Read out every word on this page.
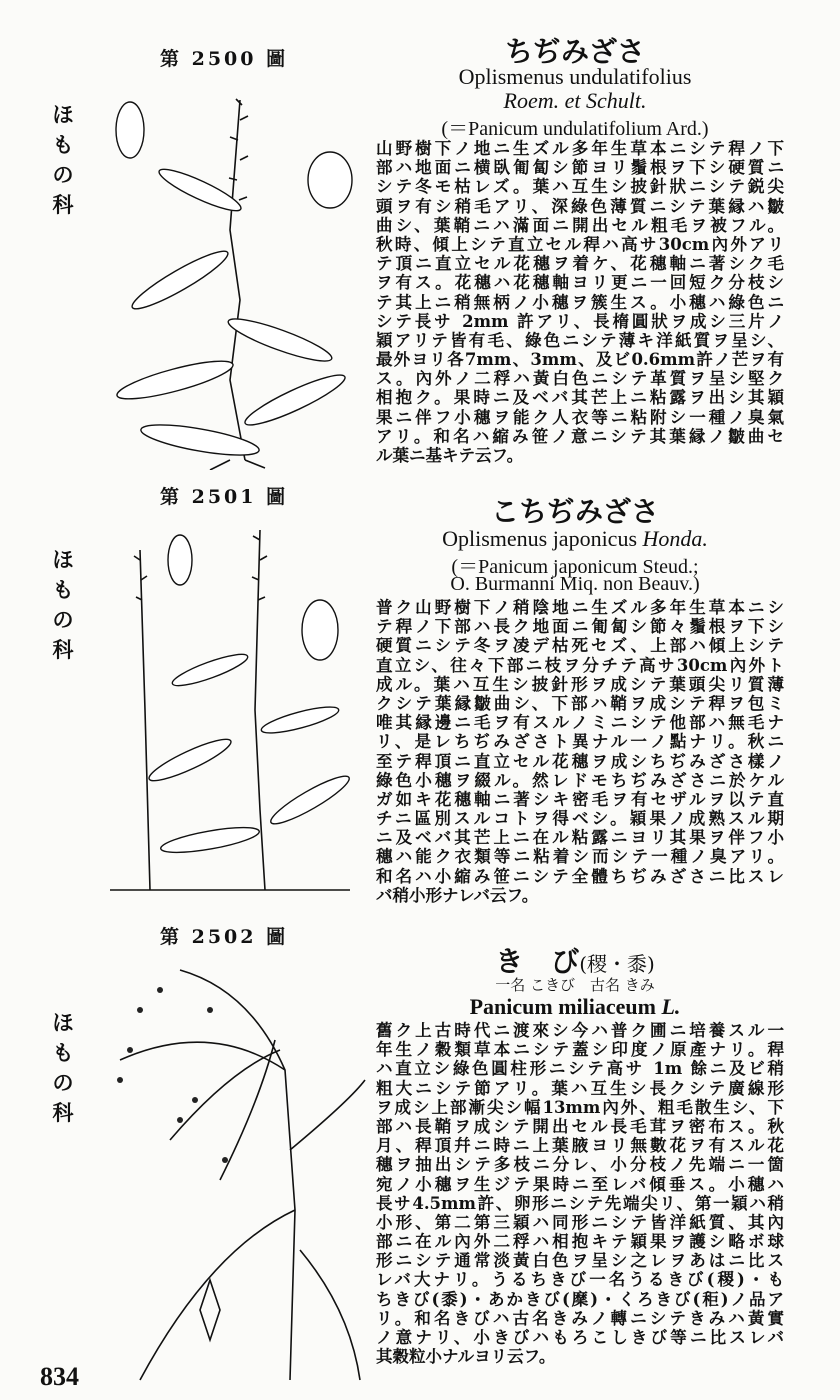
第 2500 圖
ほもの科
ちぢみざさ
Oplismenus undulatifolius
Roem. et Schult.
(＝Panicum undulatifolium Ard.)
山野樹下ノ地ニ生ズル多年生草本ニシテ稈ノ下
部ハ地面ニ横臥匍匐シ節ヨリ鬚根ヲ下シ硬質ニ
シテ冬モ枯レズ。葉ハ互生シ披針狀ニシテ鋭尖
頭ヲ有シ稍毛アリ、深綠色薄質ニシテ葉縁ハ皺
曲シ、葉鞘ニハ滿面ニ開出セル粗毛ヲ被フル。
秋時、傾上シテ直立セル稈ハ高サ30cm內外アリ
テ頂ニ直立セル花穗ヲ着ケ、花穗軸ニ著シク毛
ヲ有ス。花穗ハ花穗軸ヨリ更ニ一回短ク分枝シ
テ其上ニ稍無柄ノ小穗ヲ簇生ス。小穗ハ綠色ニ
シテ長サ 2mm 許アリ、長楕圓狀ヲ成シ三片ノ
穎アリテ皆有毛、綠色ニシテ薄キ洋紙質ヲ呈シ、
最外ヨリ各7mm、3mm、及ビ0.6mm許ノ芒ヲ有
ス。內外ノ二稃ハ黃白色ニシテ革質ヲ呈シ堅ク
相抱ク。果時ニ及ベバ其芒上ニ粘露ヲ出シ其穎
果ニ伴フ小穗ヲ能ク人衣等ニ粘附シ一種ノ臭氣
アリ。和名ハ縮み笹ノ意ニシテ其葉縁ノ皺曲セ
ル葉ニ基キテ云フ。
第 2501 圖
ほもの科
こちぢみざさ
Oplismenus japonicus Honda.
(＝Panicum japonicum Steud.;
O. Burmanni Miq. non Beauv.)
普ク山野樹下ノ稍陰地ニ生ズル多年生草本ニシ
テ稈ノ下部ハ長ク地面ニ匍匐シ節々鬚根ヲ下シ
硬質ニシテ冬ヲ凌デ枯死セズ、上部ハ傾上シテ
直立シ、往々下部ニ枝ヲ分チテ高サ30cm內外ト
成ル。葉ハ互生シ披針形ヲ成シテ葉頭尖リ質薄
クシテ葉縁皺曲シ、下部ハ鞘ヲ成シテ稈ヲ包ミ
唯其縁邊ニ毛ヲ有スルノミニシテ他部ハ無毛ナ
リ、是レちぢみざさト異ナル一ノ點ナリ。秋ニ
至テ稈頂ニ直立セル花穗ヲ成シちぢみざさ樣ノ
綠色小穗ヲ綴ル。然レドモちぢみざさニ於ケル
ガ如キ花穗軸ニ著シキ密毛ヲ有セザルヲ以テ直
チニ區別スルコトヲ得ベシ。穎果ノ成熟スル期
ニ及ベバ其芒上ニ在ル粘露ニヨリ其果ヲ伴フ小
穗ハ能ク衣類等ニ粘着シ而シテ一種ノ臭アリ。
和名ハ小縮み笹ニシテ全體ちぢみざさニ比スレ
バ稍小形ナレバ云フ。
第 2502 圖
ほもの科
き　び(稷・黍)
一名 こきび　古名 きみ
Panicum miliaceum L.
舊ク上古時代ニ渡來シ今ハ普ク圃ニ培養スル一
年生ノ穀類草本ニシテ蓋シ印度ノ原產ナリ。稈
ハ直立シ綠色圓柱形ニシテ高サ 1m 餘ニ及ビ稍
粗大ニシテ節アリ。葉ハ互生シ長クシテ廣線形
ヲ成シ上部漸尖シ幅13mm內外、粗毛散生シ、下
部ハ長鞘ヲ成シテ開出セル長毛茸ヲ密布ス。秋
月、稈頂幷ニ時ニ上葉腋ヨリ無數花ヲ有スル花
穗ヲ抽出シテ多枝ニ分レ、小分枝ノ先端ニ一箇
宛ノ小穗ヲ生ジテ果時ニ至レバ傾垂ス。小穗ハ
長サ4.5mm許、卵形ニシテ先端尖リ、第一穎ハ稍
小形、第二第三穎ハ同形ニシテ皆洋紙質、其內
部ニ在ル內外二稃ハ相抱キテ穎果ヲ護シ略ボ球
形ニシテ通常淡黃白色ヲ呈シ之レヲあはニ比ス
レバ大ナリ。うるちきび一名うるきび(稷)・も
ちきび(黍)・あかきび(穈)・くろきび(秬)ノ品ア
リ。和名きびハ古名きみノ轉ニシテきみハ黃實
ノ意ナリ、小きびハもろこしきび等ニ比スレバ
其穀粒小ナルヨリ云フ。
834
